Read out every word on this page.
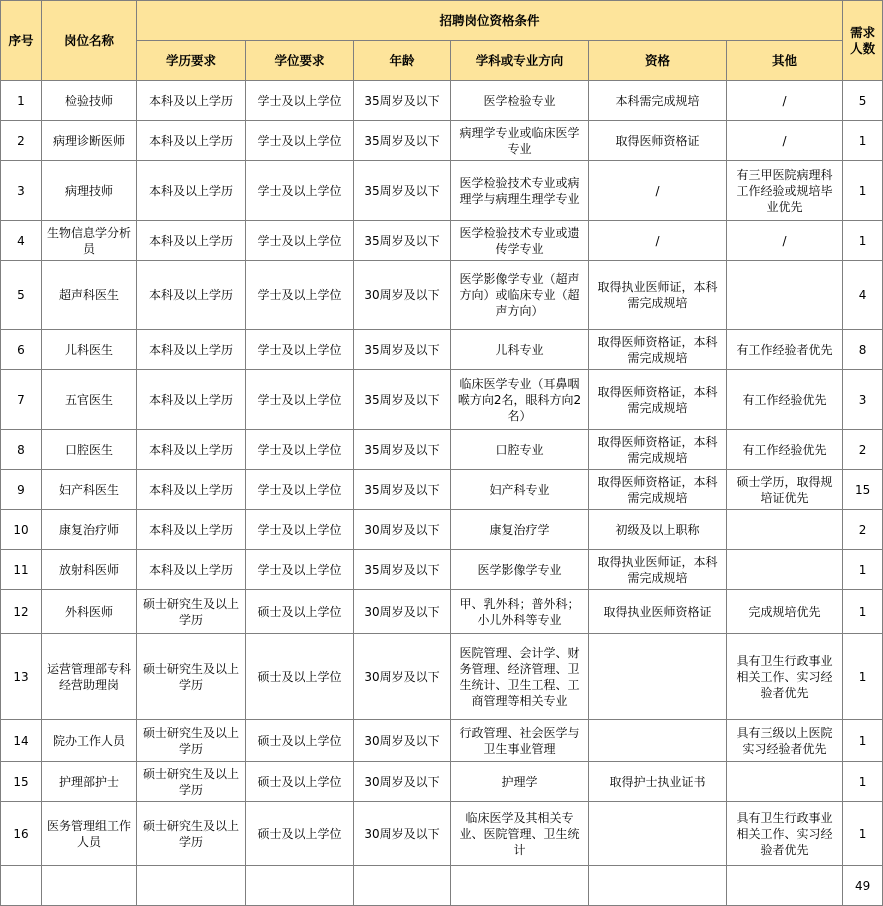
序号	岗位名称	招聘岗位资格条件						需求人数
		学历要求	学位要求	年龄	学科或专业方向	资格	其他	
1	检验技师	本科及以上学历	学士及以上学位	35周岁及以下	医学检验专业	本科需完成规培	/	5
2	病理诊断医师	本科及以上学历	学士及以上学位	35周岁及以下	病理学专业或临床医学专业	取得医师资格证	/	1
3	病理技师	本科及以上学历	学士及以上学位	35周岁及以下	医学检验技术专业或病理学与病理生理学专业	/	有三甲医院病理科工作经验或规培毕业优先	1
4	生物信息学分析员	本科及以上学历	学士及以上学位	35周岁及以下	医学检验技术专业或遗传学专业	/	/	1
5	超声科医生	本科及以上学历	学士及以上学位	30周岁及以下	医学影像学专业（超声方向）或临床专业（超声方向）	取得执业医师证，本科需完成规培		4
6	儿科医生	本科及以上学历	学士及以上学位	35周岁及以下	儿科专业	取得医师资格证，本科需完成规培	有工作经验者优先	8
7	五官医生	本科及以上学历	学士及以上学位	35周岁及以下	临床医学专业（耳鼻咽喉方向2名，眼科方向2名）	取得医师资格证，本科需完成规培	有工作经验优先	3
8	口腔医生	本科及以上学历	学士及以上学位	35周岁及以下	口腔专业	取得医师资格证，本科需完成规培	有工作经验优先	2
9	妇产科医生	本科及以上学历	学士及以上学位	35周岁及以下	妇产科专业	取得医师资格证，本科需完成规培	硕士学历，取得规培证优先	15
10	康复治疗师	本科及以上学历	学士及以上学位	30周岁及以下	康复治疗学	初级及以上职称		2
11	放射科医师	本科及以上学历	学士及以上学位	35周岁及以下	医学影像学专业	取得执业医师证，本科需完成规培		1
12	外科医师	硕士研究生及以上学历	硕士及以上学位	30周岁及以下	甲、乳外科；普外科；小儿外科等专业	取得执业医师资格证	完成规培优先	1
13	运营管理部专科经营助理岗	硕士研究生及以上学历	硕士及以上学位	30周岁及以下	医院管理、会计学、财务管理、经济管理、卫生统计、卫生工程、工商管理等相关专业		具有卫生行政事业相关工作、实习经验者优先	1
14	院办工作人员	硕士研究生及以上学历	硕士及以上学位	30周岁及以下	行政管理、社会医学与卫生事业管理		具有三级以上医院实习经验者优先	1
15	护理部护士	硕士研究生及以上学历	硕士及以上学位	30周岁及以下	护理学	取得护士执业证书		1
16	医务管理组工作人员	硕士研究生及以上学历	硕士及以上学位	30周岁及以下	临床医学及其相关专业、医院管理、卫生统计		具有卫生行政事业相关工作、实习经验者优先	1
								49
